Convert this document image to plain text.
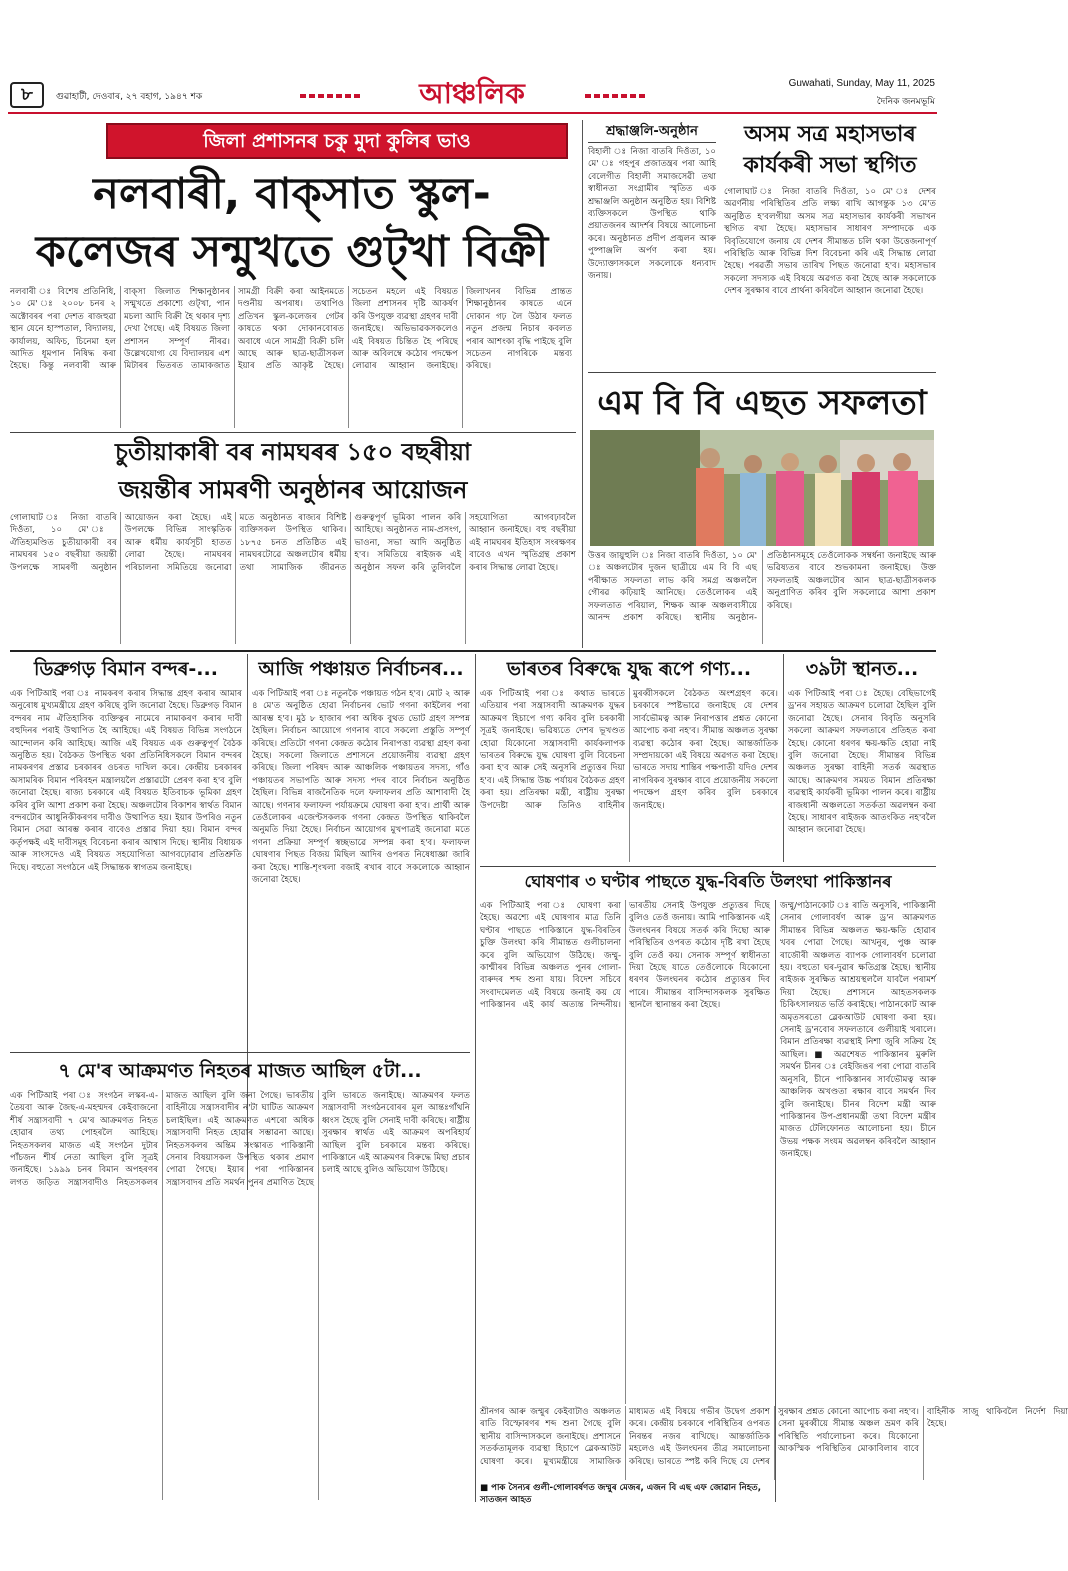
৮	গুৱাহাটী, দেওবাৰ, ২৭ বহাগ, ১৯৪৭ শক	আঞ্চলিক	Guwahati, Sunday, May 11, 2025
দৈনিক জনমভূমি
জিলা প্ৰশাসনৰ চকু মুদা কুলিৰ ভাও
নলবাৰী, বাক্‌সাত স্কুল-
কলেজৰ সন্মুখতে গুট্‌খা বিক্ৰী
নলবাৰী ঃ বিশেষ প্ৰতিনিধি, ১০ মে' ঃ ২০০৮ চনৰ ২ অক্টোবৰৰ পৰা দেশত ৰাজহুৱা স্থান যেনে হাস্পতাল, বিদ্যালয়, কাৰ্যালয়, অফিচ, চিনেমা হল আদিত ধূমপান নিষিদ্ধ কৰা হৈছে। কিন্তু নলবাৰী আৰু বাক্‌সা জিলাত শিক্ষানুষ্ঠানৰ সন্মুখতে প্ৰকাশ্যে গুট্‌খা, পান মচলা আদি বিক্ৰী হৈ থকাৰ দৃশ্য দেখা গৈছে। এই বিষয়ত জিলা প্ৰশাসন সম্পূৰ্ণ নীৰৱ। উল্লেখযোগ্য যে বিদ্যালয়ৰ এশ মিটাৰৰ ভিতৰত তামাকজাত সামগ্ৰী বিক্ৰী কৰা আইনমতে দণ্ডনীয় অপৰাধ। তথাপিও প্ৰতিখন স্কুল-কলেজৰ গেটৰ কাষতে থকা দোকানবোৰত অবাধে এনে সামগ্ৰী বিক্ৰী চলি আছে আৰু ছাত্ৰ-ছাত্ৰীসকল ইয়াৰ প্ৰতি আকৃষ্ট হৈছে। সচেতন মহলে এই বিষয়ত জিলা প্ৰশাসনৰ দৃষ্টি আকৰ্ষণ কৰি উপযুক্ত ব্যৱস্থা গ্ৰহণৰ দাবী জনাইছে। অভিভাৱকসকলেও এই বিষয়ত চিন্তিত হৈ পৰিছে আৰু অবিলম্বে কঠোৰ পদক্ষেপ লোৱাৰ আহ্বান জনাইছে। জিলাখনৰ বিভিন্ন প্ৰান্তত শিক্ষানুষ্ঠানৰ কাষতে এনে দোকান গঢ় লৈ উঠাৰ ফলত নতুন প্ৰজন্ম নিচাৰ কবলত পৰাৰ আশংকা বৃদ্ধি পাইছে বুলি সচেতন নাগৰিকে মন্তব্য কৰিছে।
শ্ৰদ্ধাঞ্জলি-অনুষ্ঠান
বিহালী ঃ নিজা বাতৰি দিওঁতা, ১০ মে' ঃ গহপুৰ প্ৰজাতন্ত্ৰৰ পৰা আহি বেলেগীত বিহালী সমাজসেৱী তথা স্বাধীনতা সংগ্ৰামীৰ স্মৃতিত এক শ্ৰদ্ধাঞ্জলি অনুষ্ঠান অনুষ্ঠিত হয়। বিশিষ্ট ব্যক্তিসকলে উপস্থিত থাকি প্ৰয়াতজনৰ আদৰ্শৰ বিষয়ে আলোচনা কৰে। অনুষ্ঠানত প্ৰদীপ প্ৰজ্বলন আৰু পুষ্পাঞ্জলি অৰ্পণ কৰা হয়। উদ্যোক্তাসকলে সকলোকে ধন্যবাদ জনায়।
অসম সত্ৰ মহাসভাৰ
কাৰ্যকৰী সভা স্থগিত
গোলাঘাট ঃ নিজা বাতৰি দিওঁতা, ১০ মে' ঃ দেশৰ অৱৰ্ণনীয় পৰিস্থিতিৰ প্ৰতি লক্ষ্য ৰাখি আগন্তুক ১৩ মে'ত অনুষ্ঠিত হ'বলগীয়া অসম সত্ৰ মহাসভাৰ কাৰ্যকৰী সভাখন স্থগিত ৰখা হৈছে। মহাসভাৰ সাধাৰণ সম্পাদকে এক বিবৃতিযোগে জনায় যে দেশৰ সীমান্তত চলি থকা উত্তেজনাপূৰ্ণ পৰিস্থিতি আৰু বিভিন্ন দিশ বিবেচনা কৰি এই সিদ্ধান্ত লোৱা হৈছে। পৰৱৰ্তী সভাৰ তাৰিখ পিছত জনোৱা হ'ব। মহাসভাৰ সকলো সদস্যক এই বিষয়ে অৱগত কৰা হৈছে আৰু সকলোকে দেশৰ সুৰক্ষাৰ বাবে প্ৰাৰ্থনা কৰিবলৈ আহ্বান জনোৱা হৈছে।
এম বি বি এছত সফলতা
উত্তৰ জায়ুহুলি ঃ নিজা বাতৰি দিওঁতা, ১০ মে' ঃ অঞ্চলটোৰ দুজন ছাত্ৰীয়ে এম বি বি এছ পৰীক্ষাত সফলতা লাভ কৰি সমগ্ৰ অঞ্চললৈ গৌৰৱ কঢ়িয়াই আনিছে। তেওঁলোকৰ এই সফলতাত পৰিয়াল, শিক্ষক আৰু অঞ্চলবাসীয়ে আনন্দ প্ৰকাশ কৰিছে। স্থানীয় অনুষ্ঠান-প্ৰতিষ্ঠানসমূহে তেওঁলোকক সম্বৰ্ধনা জনাইছে আৰু ভৱিষ্যতৰ বাবে শুভকামনা জনাইছে। উক্ত সফলতাই অঞ্চলটোৰ আন ছাত্ৰ-ছাত্ৰীসকলক অনুপ্ৰাণিত কৰিব বুলি সকলোৱে আশা প্ৰকাশ কৰিছে।
চুতীয়াকাৰী বৰ নামঘৰৰ ১৫০ বছৰীয়া
জয়ন্তীৰ সামৰণী অনুষ্ঠানৰ আয়োজন
গোলাঘাট ঃ নিজা বাতৰি দিওঁতা, ১০ মে' ঃ ঐতিহ্যমণ্ডিত চুতীয়াকাৰী বৰ নামঘৰৰ ১৫০ বছৰীয়া জয়ন্তী উপলক্ষে সামৰণী অনুষ্ঠান আয়োজন কৰা হৈছে। এই উপলক্ষে বিভিন্ন সাংস্কৃতিক আৰু ধৰ্মীয় কাৰ্যসূচী হাতত লোৱা হৈছে। নামঘৰৰ পৰিচালনা সমিতিয়ে জনোৱা মতে অনুষ্ঠানত ৰাজ্যৰ বিশিষ্ট ব্যক্তিসকল উপস্থিত থাকিব। ১৮৭৫ চনত প্ৰতিষ্ঠিত এই নামঘৰটোৱে অঞ্চলটোৰ ধৰ্মীয় তথা সামাজিক জীৱনত গুৰুত্বপূৰ্ণ ভূমিকা পালন কৰি আহিছে। অনুষ্ঠানত নাম-প্ৰসংগ, ভাওনা, সভা আদি অনুষ্ঠিত হ'ব। সমিতিয়ে ৰাইজক এই অনুষ্ঠান সফল কৰি তুলিবলৈ সহযোগিতা আগবঢ়াবলৈ আহ্বান জনাইছে। বহু বছৰীয়া এই নামঘৰৰ ইতিহাস সংৰক্ষণৰ বাবেও এখন স্মৃতিগ্ৰন্থ প্ৰকাশ কৰাৰ সিদ্ধান্ত লোৱা হৈছে।
ডিব্ৰুগড় বিমান বন্দৰ-...	আজি পঞ্চায়ত নিৰ্বাচনৰ...	ভাৰতৰ বিৰুদ্ধে যুদ্ধ ৰূপে গণ্য...	৩৯টা স্থানত...
এক পিটিআই পৰা ঃ নামকৰণ কৰাৰ সিদ্ধান্ত গ্ৰহণ কৰাৰ আমাৰ অনুৰোধ মুখ্যমন্ত্ৰীয়ে গ্ৰহণ কৰিছে বুলি জনোৱা হৈছে। ডিব্ৰুগড় বিমান বন্দৰৰ নাম ঐতিহাসিক ব্যক্তিত্বৰ নামেৰে নামাকৰণ কৰাৰ দাবী বহুদিনৰ পৰাই উত্থাপিত হৈ আহিছে। এই বিষয়ত বিভিন্ন সংগঠনে আন্দোলন কৰি আহিছে। আজি এই বিষয়ত এক গুৰুত্বপূৰ্ণ বৈঠক অনুষ্ঠিত হয়। বৈঠকত উপস্থিত থকা প্ৰতিনিধিসকলে বিমান বন্দৰৰ নামকৰণৰ প্ৰস্তাৱ চৰকাৰৰ ওচৰত দাখিল কৰে। কেন্দ্ৰীয় চৰকাৰৰ অসামৰিক বিমান পৰিবহন মন্ত্ৰালয়লৈ প্ৰস্তাৱটো প্ৰেৰণ কৰা হ'ব বুলি জনোৱা হৈছে। ৰাজ্য চৰকাৰে এই বিষয়ত ইতিবাচক ভূমিকা গ্ৰহণ কৰিব বুলি আশা প্ৰকাশ কৰা হৈছে। অঞ্চলটোৰ বিকাশৰ স্বাৰ্থত বিমান বন্দৰটোৰ আধুনিকীকৰণৰ দাবীও উত্থাপিত হয়। ইয়াৰ উপৰিও নতুন বিমান সেৱা আৰম্ভ কৰাৰ বাবেও প্ৰস্তাৱ দিয়া হয়। বিমান বন্দৰ কৰ্তৃপক্ষই এই দাবীসমূহ বিবেচনা কৰাৰ আশ্বাস দিছে। স্থানীয় বিধায়ক আৰু সাংসদেও এই বিষয়ত সহযোগিতা আগবঢ়োৱাৰ প্ৰতিশ্ৰুতি দিছে। বহুতো সংগঠনে এই সিদ্ধান্তক স্বাগতম জনাইছে।
এক পিটিআই পৰা ঃ নতুনকৈ পঞ্চায়ত গঠন হ'ব। মোট ২ আৰু ৪ মে'ত অনুষ্ঠিত হোৱা নিৰ্বাচনৰ ভোট গণনা কাইলৈৰ পৰা আৰম্ভ হ'ব। মুঠ ৮ হাজাৰ পৰা অধিক বুথত ভোট গ্ৰহণ সম্পন্ন হৈছিল। নিৰ্বাচন আয়োগে গণনাৰ বাবে সকলো প্ৰস্তুতি সম্পূৰ্ণ কৰিছে। প্ৰতিটো গণনা কেন্দ্ৰত কঠোৰ নিৰাপত্তা ব্যৱস্থা গ্ৰহণ কৰা হৈছে। সকলো জিলাতে প্ৰশাসনে প্ৰয়োজনীয় ব্যৱস্থা গ্ৰহণ কৰিছে। জিলা পৰিষদ আৰু আঞ্চলিক পঞ্চায়তৰ সদস্য, গাঁও পঞ্চায়তৰ সভাপতি আৰু সদস্য পদৰ বাবে নিৰ্বাচন অনুষ্ঠিত হৈছিল। বিভিন্ন ৰাজনৈতিক দলে ফলাফলৰ প্ৰতি আশাবাদী হৈ আছে। গণনাৰ ফলাফল পৰ্যায়ক্ৰমে ঘোষণা কৰা হ'ব। প্ৰাৰ্থী আৰু তেওঁলোকৰ এজেণ্টসকলক গণনা কেন্দ্ৰত উপস্থিত থাকিবলৈ অনুমতি দিয়া হৈছে। নিৰ্বাচন আয়োগৰ মুখপাত্ৰই জনোৱা মতে গণনা প্ৰক্ৰিয়া সম্পূৰ্ণ স্বচ্ছভাৱে সম্পন্ন কৰা হ'ব। ফলাফল ঘোষণাৰ পিছত বিজয় মিছিল আদিৰ ওপৰত নিষেধাজ্ঞা জাৰি কৰা হৈছে। শান্তি-শৃংখলা বজাই ৰখাৰ বাবে সকলোকে আহ্বান জনোৱা হৈছে।
এক পিটিআই পৰা ঃ কথাত ভাৰতে এতিয়াৰ পৰা সন্ত্ৰাসবাদী আক্ৰমণক যুদ্ধৰ আক্ৰমণ হিচাপে গণ্য কৰিব বুলি চৰকাৰী সূত্ৰই জনাইছে। ভৱিষ্যতে দেশৰ ভূখণ্ডত হোৱা যিকোনো সন্ত্ৰাসবাদী কাৰ্যকলাপক ভাৰতৰ বিৰুদ্ধে যুদ্ধ ঘোষণা বুলি বিবেচনা কৰা হ'ব আৰু সেই অনুসৰি প্ৰত্যুত্তৰ দিয়া হ'ব। এই সিদ্ধান্ত উচ্চ পৰ্যায়ৰ বৈঠকত গ্ৰহণ কৰা হয়। প্ৰতিৰক্ষা মন্ত্ৰী, ৰাষ্ট্ৰীয় সুৰক্ষা উপদেষ্টা আৰু তিনিও বাহিনীৰ মুৰব্বীসকলে বৈঠকত অংশগ্ৰহণ কৰে। চৰকাৰে স্পষ্টভাৱে জনাইছে যে দেশৰ সাৰ্বভৌমত্ব আৰু নিৰাপত্তাৰ প্ৰশ্নত কোনো আপোচ কৰা নহ'ব। সীমান্ত অঞ্চলত সুৰক্ষা ব্যৱস্থা কঠোৰ কৰা হৈছে। আন্তৰ্জাতিক সম্প্ৰদায়কো এই বিষয়ে অৱগত কৰা হৈছে। ভাৰতে সদায় শান্তিৰ পক্ষপাতী যদিও দেশৰ নাগৰিকৰ সুৰক্ষাৰ বাবে প্ৰয়োজনীয় সকলো পদক্ষেপ গ্ৰহণ কৰিব বুলি চৰকাৰে জনাইছে।
এক পিটিআই পৰা ঃ হৈছে। বেছিভাগেই ড্ৰ'নৰ সহায়ত আক্ৰমণ চলোৱা হৈছিল বুলি জনোৱা হৈছে। সেনাৰ বিবৃতি অনুসৰি সকলো আক্ৰমণ সফলতাৰে প্ৰতিহত কৰা হৈছে। কোনো ধৰণৰ ক্ষয়-ক্ষতি হোৱা নাই বুলি জনোৱা হৈছে। সীমান্তৰ বিভিন্ন অঞ্চলত সুৰক্ষা বাহিনী সতৰ্ক অৱস্থাত আছে। আক্ৰমণৰ সময়ত বিমান প্ৰতিৰক্ষা ব্যৱস্থাই কাৰ্যকৰী ভূমিকা পালন কৰে। ৰাষ্ট্ৰীয় ৰাজধানী অঞ্চলতো সতৰ্কতা অৱলম্বন কৰা হৈছে। সাধাৰণ ৰাইজক আতংকিত নহ'বলৈ আহ্বান জনোৱা হৈছে।
ঘোষণাৰ ৩ ঘণ্টাৰ পাছতে যুদ্ধ-বিৰতি উলংঘা পাকিস্তানৰ
এক পিটিআই পৰা ঃ ঘোষণা কৰা হৈছে। অৱশ্যে এই ঘোষণাৰ মাত্ৰ তিনি ঘণ্টাৰ পাছতে পাকিস্তানে যুদ্ধ-বিৰতিৰ চুক্তি উলংঘা কৰি সীমান্তত গুলীচালনা কৰে বুলি অভিযোগ উঠিছে। জম্মু-কাশ্মীৰৰ বিভিন্ন অঞ্চলত পুনৰ গোলা-বাৰুদৰ শব্দ শুনা যায়। বিদেশ সচিবে সংবাদমেলত এই বিষয়ে জনাই কয় যে পাকিস্তানৰ এই কাৰ্য অত্যন্ত নিন্দনীয়। ভাৰতীয় সেনাই উপযুক্ত প্ৰত্যুত্তৰ দিছে বুলিও তেওঁ জনায়। আমি পাকিস্তানক এই উলংঘনৰ বিষয়ে সতৰ্ক কৰি দিছো আৰু পৰিস্থিতিৰ ওপৰত কঠোৰ দৃষ্টি ৰখা হৈছে বুলি তেওঁ কয়। সেনাক সম্পূৰ্ণ স্বাধীনতা দিয়া হৈছে যাতে তেওঁলোকে যিকোনো ধৰণৰ উলংঘনৰ কঠোৰ প্ৰত্যুত্তৰ দিব পাৰে। সীমান্তৰ বাসিন্দাসকলক সুৰক্ষিত স্থানলৈ স্থানান্তৰ কৰা হৈছে।
শ্ৰীনগৰ আৰু জম্মুৰ কেইবাটাও অঞ্চলত ৰাতি বিস্ফোৰণৰ শব্দ শুনা গৈছে বুলি স্থানীয় বাসিন্দাসকলে জনাইছে। প্ৰশাসনে সতৰ্কতামূলক ব্যৱস্থা হিচাপে ব্লেকআউট ঘোষণা কৰে। মুখ্যমন্ত্ৰীয়ে সামাজিক মাধ্যমত এই বিষয়ে গভীৰ উদ্বেগ প্ৰকাশ কৰে। কেন্দ্ৰীয় চৰকাৰে পৰিস্থিতিৰ ওপৰত নিৰন্তৰ নজৰ ৰাখিছে। আন্তৰ্জাতিক মহলেও এই উলংঘনৰ তীব্ৰ সমালোচনা কৰিছে। ভাৰতে স্পষ্ট কৰি দিছে যে দেশৰ সুৰক্ষাৰ প্ৰশ্নত কোনো আপোচ কৰা নহ'ব। সেনা মুৰব্বীয়ে সীমান্ত অঞ্চল ভ্ৰমণ কৰি পৰিস্থিতি পৰ্যালোচনা কৰে। যিকোনো আকস্মিক পৰিস্থিতিৰ মোকাবিলাৰ বাবে বাহিনীক সাজু থাকিবলৈ নিৰ্দেশ দিয়া হৈছে।
■ পাক সৈন্যৰ গুলী-গোলাবৰ্ষণত জম্মুৰ মেজৰ, এজন বি এছ এফ জোৱান নিহত, সাতজন আহত
জম্মু/পাঠানকোট ঃ ৰাতি অনুসৰি, পাকিস্তানী সেনাৰ গোলাবৰ্ষণ আৰু ড্ৰ'ন আক্ৰমণত সীমান্তৰ বিভিন্ন অঞ্চলত ক্ষয়-ক্ষতি হোৱাৰ খবৰ পোৱা গৈছে। আখনুৰ, পুঞ্চ আৰু ৰাজৌৰী অঞ্চলত ব্যাপক গোলাবৰ্ষণ চলোৱা হয়। বহুতো ঘৰ-দুৱাৰ ক্ষতিগ্ৰস্ত হৈছে। স্থানীয় ৰাইজক সুৰক্ষিত আশ্ৰয়স্থললৈ যাবলৈ পৰামৰ্শ দিয়া হৈছে। প্ৰশাসনে আহতসকলক চিকিৎসালয়ত ভৰ্তি কৰাইছে। পাঠানকোট আৰু অমৃতসৰতো ব্লেকআউট ঘোষণা কৰা হয়। সেনাই ড্ৰ'নবোৰ সফলতাৰে গুলীয়াই খৰালে। বিমান প্ৰতিৰক্ষা ব্যৱস্থাই নিশা জুৰি সক্ৰিয় হৈ আছিল। ■ অৱশেষত পাকিস্তানৰ মুৰুলি সমৰ্থন চীনৰ ঃ বেইজিঙৰ পৰা পোৱা বাতৰি অনুসৰি, চীনে পাকিস্তানৰ সাৰ্বভৌমত্ব আৰু আঞ্চলিক অখণ্ডতা ৰক্ষাৰ বাবে সমৰ্থন দিব বুলি জনাইছে। চীনৰ বিদেশ মন্ত্ৰী আৰু পাকিস্তানৰ উপ-প্ৰধানমন্ত্ৰী তথা বিদেশ মন্ত্ৰীৰ মাজত টেলিফোনত আলোচনা হয়। চীনে উভয় পক্ষক সংযম অৱলম্বন কৰিবলৈ আহ্বান জনাইছে।
৭ মে'ৰ আক্ৰমণত নিহতৰ মাজত আছিল ৫টা...
এক পিটিআই পৰা ঃ সংগঠন লস্কৰ-এ-তৈয়বা আৰু জৈছ-এ-মহম্মদৰ কেইবাজনো শীৰ্ষ সন্ত্ৰাসবাদী ৭ মে'ৰ আক্ৰমণত নিহত হোৱাৰ তথ্য পোহৰলৈ আহিছে। নিহতসকলৰ মাজত এই সংগঠন দুটাৰ পাঁচজন শীৰ্ষ নেতা আছিল বুলি সূত্ৰই জনাইছে। ১৯৯৯ চনৰ বিমান অপহৰণৰ লগত জড়িত সন্ত্ৰাসবাদীও নিহতসকলৰ মাজত আছিল বুলি জনা গৈছে। ভাৰতীয় বাহিনীয়ে সন্ত্ৰাসবাদীৰ ন'টা ঘাটিত আক্ৰমণ চলাইছিল। এই আক্ৰমণত এশৰো অধিক সন্ত্ৰাসবাদী নিহত হোৱাৰ সম্ভাৱনা আছে। নিহতসকলৰ অন্তিম সংস্কাৰত পাকিস্তানী সেনাৰ বিষয়াসকল উপস্থিত থকাৰ প্ৰমাণ পোৱা গৈছে। ইয়াৰ পৰা পাকিস্তানৰ সন্ত্ৰাসবাদৰ প্ৰতি সমৰ্থন পুনৰ প্ৰমাণিত হৈছে বুলি ভাৰতে জনাইছে। আক্ৰমণৰ ফলত সন্ত্ৰাসবাদী সংগঠনবোৰৰ মূল আন্তঃগাঁথনি ধ্বংস হৈছে বুলি সেনাই দাবী কৰিছে। ৰাষ্ট্ৰীয় সুৰক্ষাৰ স্বাৰ্থত এই আক্ৰমণ অপৰিহাৰ্য আছিল বুলি চৰকাৰে মন্তব্য কৰিছে। পাকিস্তানে এই আক্ৰমণৰ বিৰুদ্ধে মিছা প্ৰচাৰ চলাই আছে বুলিও অভিযোগ উঠিছে।
